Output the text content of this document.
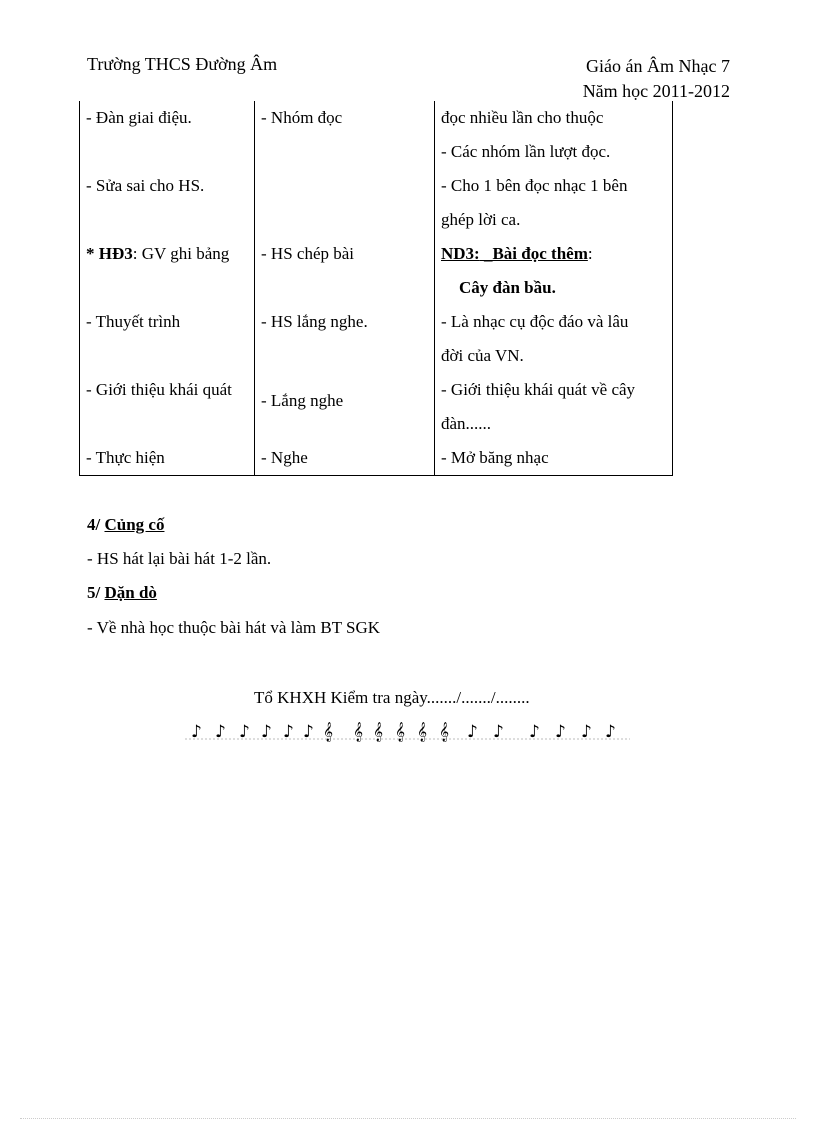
Trường THCS Đường Âm	Giáo án Âm Nhạc 7
Năm học 2011-2012
- Đàn giai điệu.	- Nhóm đọc	đọc nhiều lần cho thuộc
- Các nhóm lần lượt đọc.

- Sửa sai cho HS.		- Cho 1 bên đọc nhạc 1 bên
ghép lời ca.

* HĐ3: GV ghi bảng	- HS chép bài	ND3: _Bài đọc thêm:
Cây đàn bầu.

- Thuyết trình	- HS lắng nghe.	- Là nhạc cụ độc đáo và lâu
đời của VN.

- Giới thiệu khái quát	- Lắng nghe	- Giới thiệu khái quát về cây
đàn......

- Thực hiện	- Nghe	- Mở băng nhạc
4/ Củng cố
- HS hát lại bài hát 1-2 lần.
5/ Dặn dò
- Về nhà học thuộc bài hát và làm BT SGK
Tổ KHXH Kiểm tra ngày......./......./........
♪ ♪ ♪ ♪ ♪ ♪ 𝄞 𝄞 𝄞 𝄞 𝄞 𝄞 ♪ ♪ ♪ ♪ ♪ ♪
